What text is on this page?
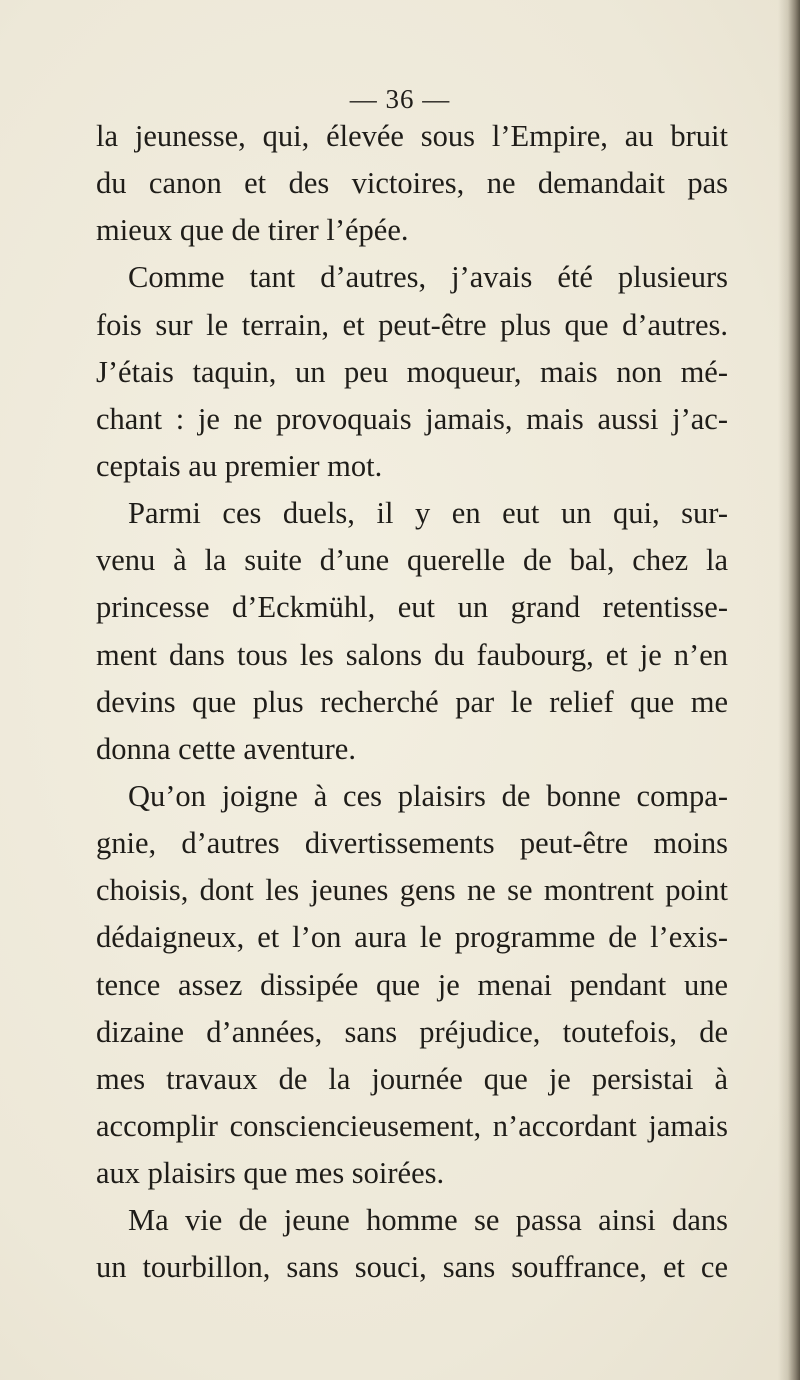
— 36 —
la jeunesse, qui, élevée sous l’Empire, au bruit
du canon et des victoires, ne demandait pas
mieux que de tirer l’épée.
Comme tant d’autres, j’avais été plusieurs
fois sur le terrain, et peut-être plus que d’autres.
J’étais taquin, un peu moqueur, mais non mé-
chant : je ne provoquais jamais, mais aussi j’ac-
ceptais au premier mot.
Parmi ces duels, il y en eut un qui, sur-
venu à la suite d’une querelle de bal, chez la
princesse d’Eckmühl, eut un grand retentisse-
ment dans tous les salons du faubourg, et je n’en
devins que plus recherché par le relief que me
donna cette aventure.
Qu’on joigne à ces plaisirs de bonne compa-
gnie, d’autres divertissements peut-être moins
choisis, dont les jeunes gens ne se montrent point
dédaigneux, et l’on aura le programme de l’exis-
tence assez dissipée que je menai pendant une
dizaine d’années, sans préjudice, toutefois, de
mes travaux de la journée que je persistai à
accomplir consciencieusement, n’accordant jamais
aux plaisirs que mes soirées.
Ma vie de jeune homme se passa ainsi dans
un tourbillon, sans souci, sans souffrance, et ce
